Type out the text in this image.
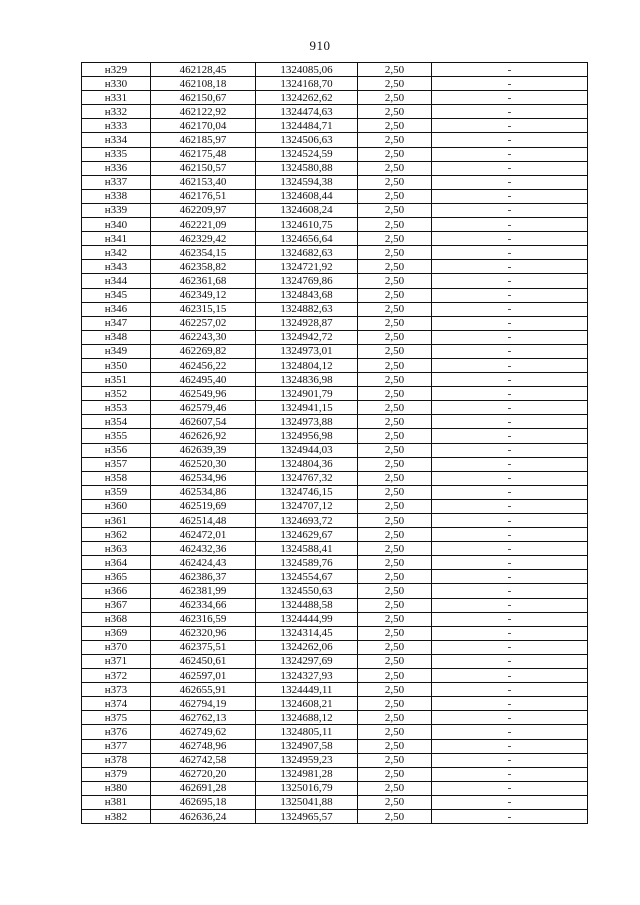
910
н329	462128,45	1324085,06	2,50	-
н330	462108,18	1324168,70	2,50	-
н331	462150,67	1324262,62	2,50	-
н332	462122,92	1324474,63	2,50	-
н333	462170,04	1324484,71	2,50	-
н334	462185,97	1324506,63	2,50	-
н335	462175,48	1324524,59	2,50	-
н336	462150,57	1324580,88	2,50	-
н337	462153,40	1324594,38	2,50	-
н338	462176,51	1324608,44	2,50	-
н339	462209,97	1324608,24	2,50	-
н340	462221,09	1324610,75	2,50	-
н341	462329,42	1324656,64	2,50	-
н342	462354,15	1324682,63	2,50	-
н343	462358,82	1324721,92	2,50	-
н344	462361,68	1324769,86	2,50	-
н345	462349,12	1324843,68	2,50	-
н346	462315,15	1324882,63	2,50	-
н347	462257,02	1324928,87	2,50	-
н348	462243,30	1324942,72	2,50	-
н349	462269,82	1324973,01	2,50	-
н350	462456,22	1324804,12	2,50	-
н351	462495,40	1324836,98	2,50	-
н352	462549,96	1324901,79	2,50	-
н353	462579,46	1324941,15	2,50	-
н354	462607,54	1324973,88	2,50	-
н355	462626,92	1324956,98	2,50	-
н356	462639,39	1324944,03	2,50	-
н357	462520,30	1324804,36	2,50	-
н358	462534,96	1324767,32	2,50	-
н359	462534,86	1324746,15	2,50	-
н360	462519,69	1324707,12	2,50	-
н361	462514,48	1324693,72	2,50	-
н362	462472,01	1324629,67	2,50	-
н363	462432,36	1324588,41	2,50	-
н364	462424,43	1324589,76	2,50	-
н365	462386,37	1324554,67	2,50	-
н366	462381,99	1324550,63	2,50	-
н367	462334,66	1324488,58	2,50	-
н368	462316,59	1324444,99	2,50	-
н369	462320,96	1324314,45	2,50	-
н370	462375,51	1324262,06	2,50	-
н371	462450,61	1324297,69	2,50	-
н372	462597,01	1324327,93	2,50	-
н373	462655,91	1324449,11	2,50	-
н374	462794,19	1324608,21	2,50	-
н375	462762,13	1324688,12	2,50	-
н376	462749,62	1324805,11	2,50	-
н377	462748,96	1324907,58	2,50	-
н378	462742,58	1324959,23	2,50	-
н379	462720,20	1324981,28	2,50	-
н380	462691,28	1325016,79	2,50	-
н381	462695,18	1325041,88	2,50	-
н382	462636,24	1324965,57	2,50	-
